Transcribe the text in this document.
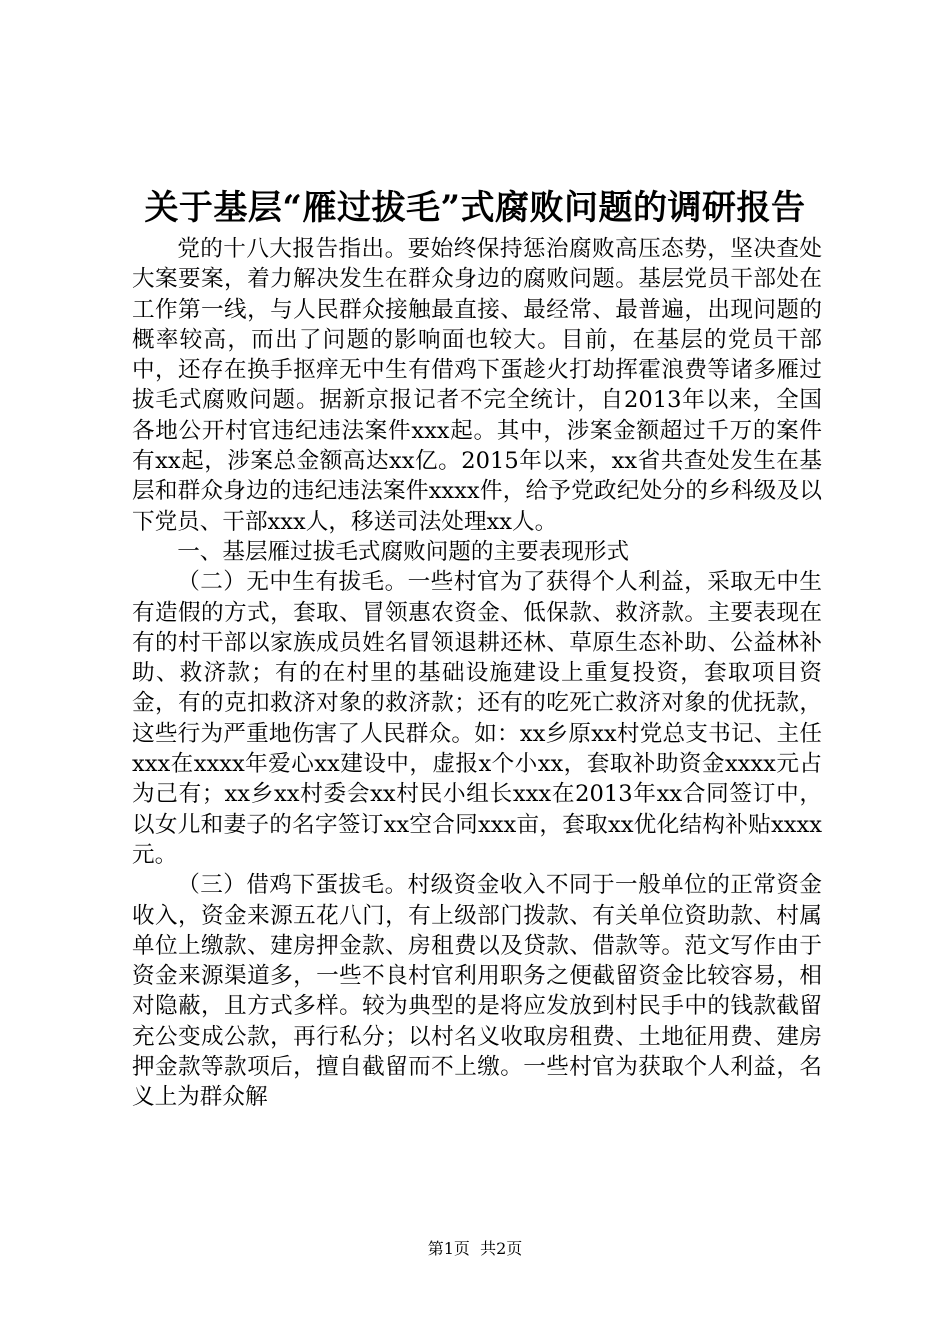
关于基层“雁过拔毛”式腐败问题的调研报告

党的十八大报告指出。要始终保持惩治腐败高压态势，坚决查处大案要案，着力解决发生在群众身边的腐败问题。基层党员干部处在工作第一线，与人民群众接触最直接、最经常、最普遍，出现问题的概率较高，而出了问题的影响面也较大。目前，在基层的党员干部中，还存在换手抠痒无中生有借鸡下蛋趁火打劫挥霍浪费等诸多雁过拔毛式腐败问题。据新京报记者不完全统计，自2013年以来，全国各地公开村官违纪违法案件xxx起。其中，涉案金额超过千万的案件有xx起，涉案总金额高达xx亿。2015年以来，xx省共查处发生在基层和群众身边的违纪违法案件xxxx件，给予党政纪处分的乡科级及以下党员、干部xxx人，移送司法处理xx人。

一、基层雁过拔毛式腐败问题的主要表现形式

（二）无中生有拔毛。一些村官为了获得个人利益，采取无中生有造假的方式，套取、冒领惠农资金、低保款、救济款。主要表现在有的村干部以家族成员姓名冒领退耕还林、草原生态补助、公益林补助、救济款；有的在村里的基础设施建设上重复投资，套取项目资金，有的克扣救济对象的救济款；还有的吃死亡救济对象的优抚款，这些行为严重地伤害了人民群众。如：xx乡原xx村党总支书记、主任xxx在xxxx年爱心xx建设中，虚报x个小xx，套取补助资金xxxx元占为己有；xx乡xx村委会xx村民小组长xxx在2013年xx合同签订中，以女儿和妻子的名字签订xx空合同xxx亩，套取xx优化结构补贴xxxx元。

（三）借鸡下蛋拔毛。村级资金收入不同于一般单位的正常资金收入，资金来源五花八门，有上级部门拨款、有关单位资助款、村属单位上缴款、建房押金款、房租费以及贷款、借款等。范文写作由于资金来源渠道多，一些不良村官利用职务之便截留资金比较容易，相对隐蔽，且方式多样。较为典型的是将应发放到村民手中的钱款截留充公变成公款，再行私分；以村名义收取房租费、土地征用费、建房押金款等款项后，擅自截留而不上缴。一些村官为获取个人利益，名义上为群众解

第1页  共2页
